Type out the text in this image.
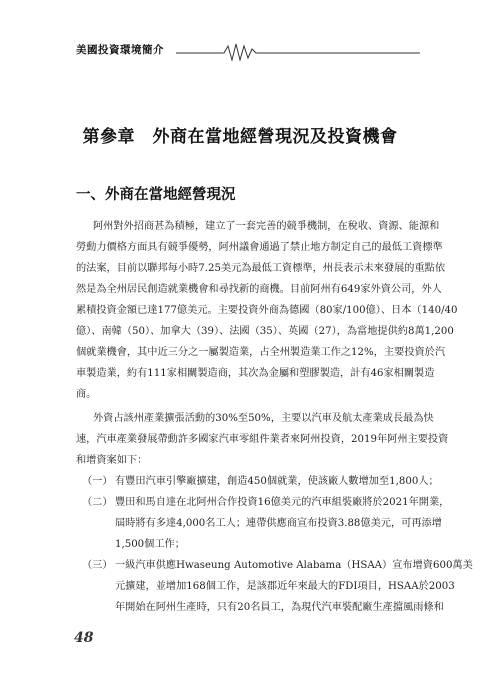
美國投資環境簡介
第參章　外商在當地經營現況及投資機會
一、外商在當地經營現況
阿州對外招商甚為積極，建立了一套完善的競爭機制，在稅收、資源、能源和
勞動力價格方面具有競爭優勢，阿州議會通過了禁止地方制定自己的最低工資標準
的法案，目前以聯邦每小時7.25美元為最低工資標準，州長表示未來發展的重點依
然是為全州居民創造就業機會和尋找新的商機。目前阿州有649家外資公司，外人
累積投資金額已達177億美元。主要投資外商為德國（80家/100億）、日本（140/40
億）、南韓（50）、加拿大（39）、法國（35）、英國（27），為當地提供約8萬1,200
個就業機會，其中近三分之一屬製造業，占全州製造業工作之12%，主要投資於汽
車製造業，約有111家相關製造商，其次為金屬和塑膠製造，計有46家相關製造
商。
外資占該州產業擴張活動的30%至50%，主要以汽車及航太產業成長最為快
速，汽車產業發展帶動許多國家汽車零組件業者來阿州投資，2019年阿州主要投資
和增資案如下：
（一） 有豐田汽車引擎廠擴建，創造450個就業，使該廠人數增加至1,800人；
（二） 豐田和馬自達在北阿州合作投資16億美元的汽車組裝廠將於2021年開業，
屆時將有多達4,000名工人；連帶供應商宣布投資3.88億美元，可再添增
1,500個工作；
（三） 一級汽車供應Hwaseung Automotive Alabama（HSAA）宣布增資600萬美
元擴建，並增加168個工作，是該郡近年來最大的FDI項目，HSAA於2003
年開始在阿州生產時，只有20名員工，為現代汽車裝配廠生產擋風雨條和
48
